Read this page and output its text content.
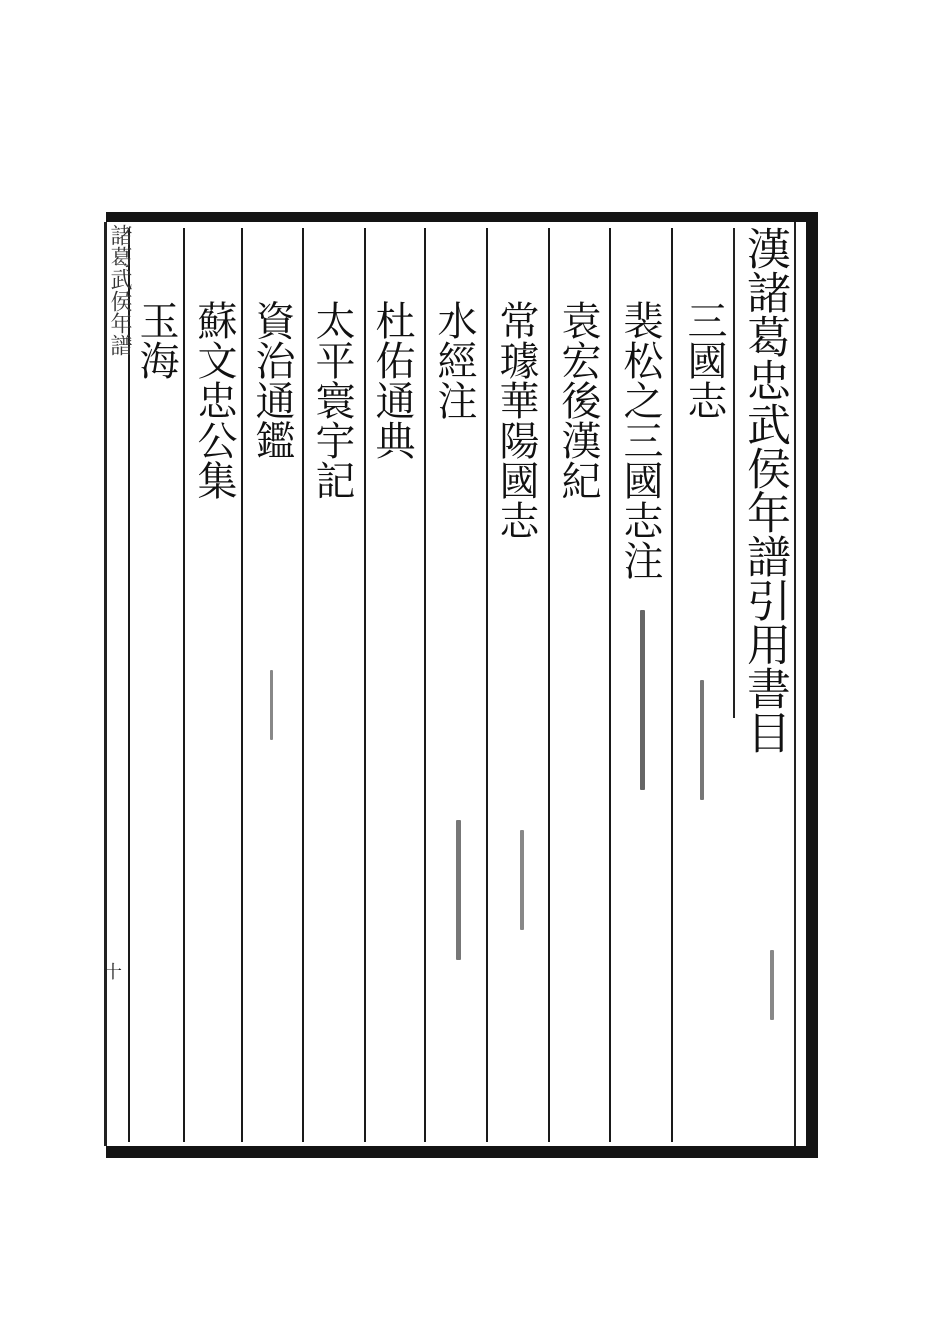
漢諸葛忠武侯年譜引用書目
諸葛武侯年譜
十
三國志
裴松之三國志注
袁宏後漢紀
常璩華陽國志
水經注
杜佑通典
太平寰宇記
資治通鑑
蘇文忠公集
玉海
